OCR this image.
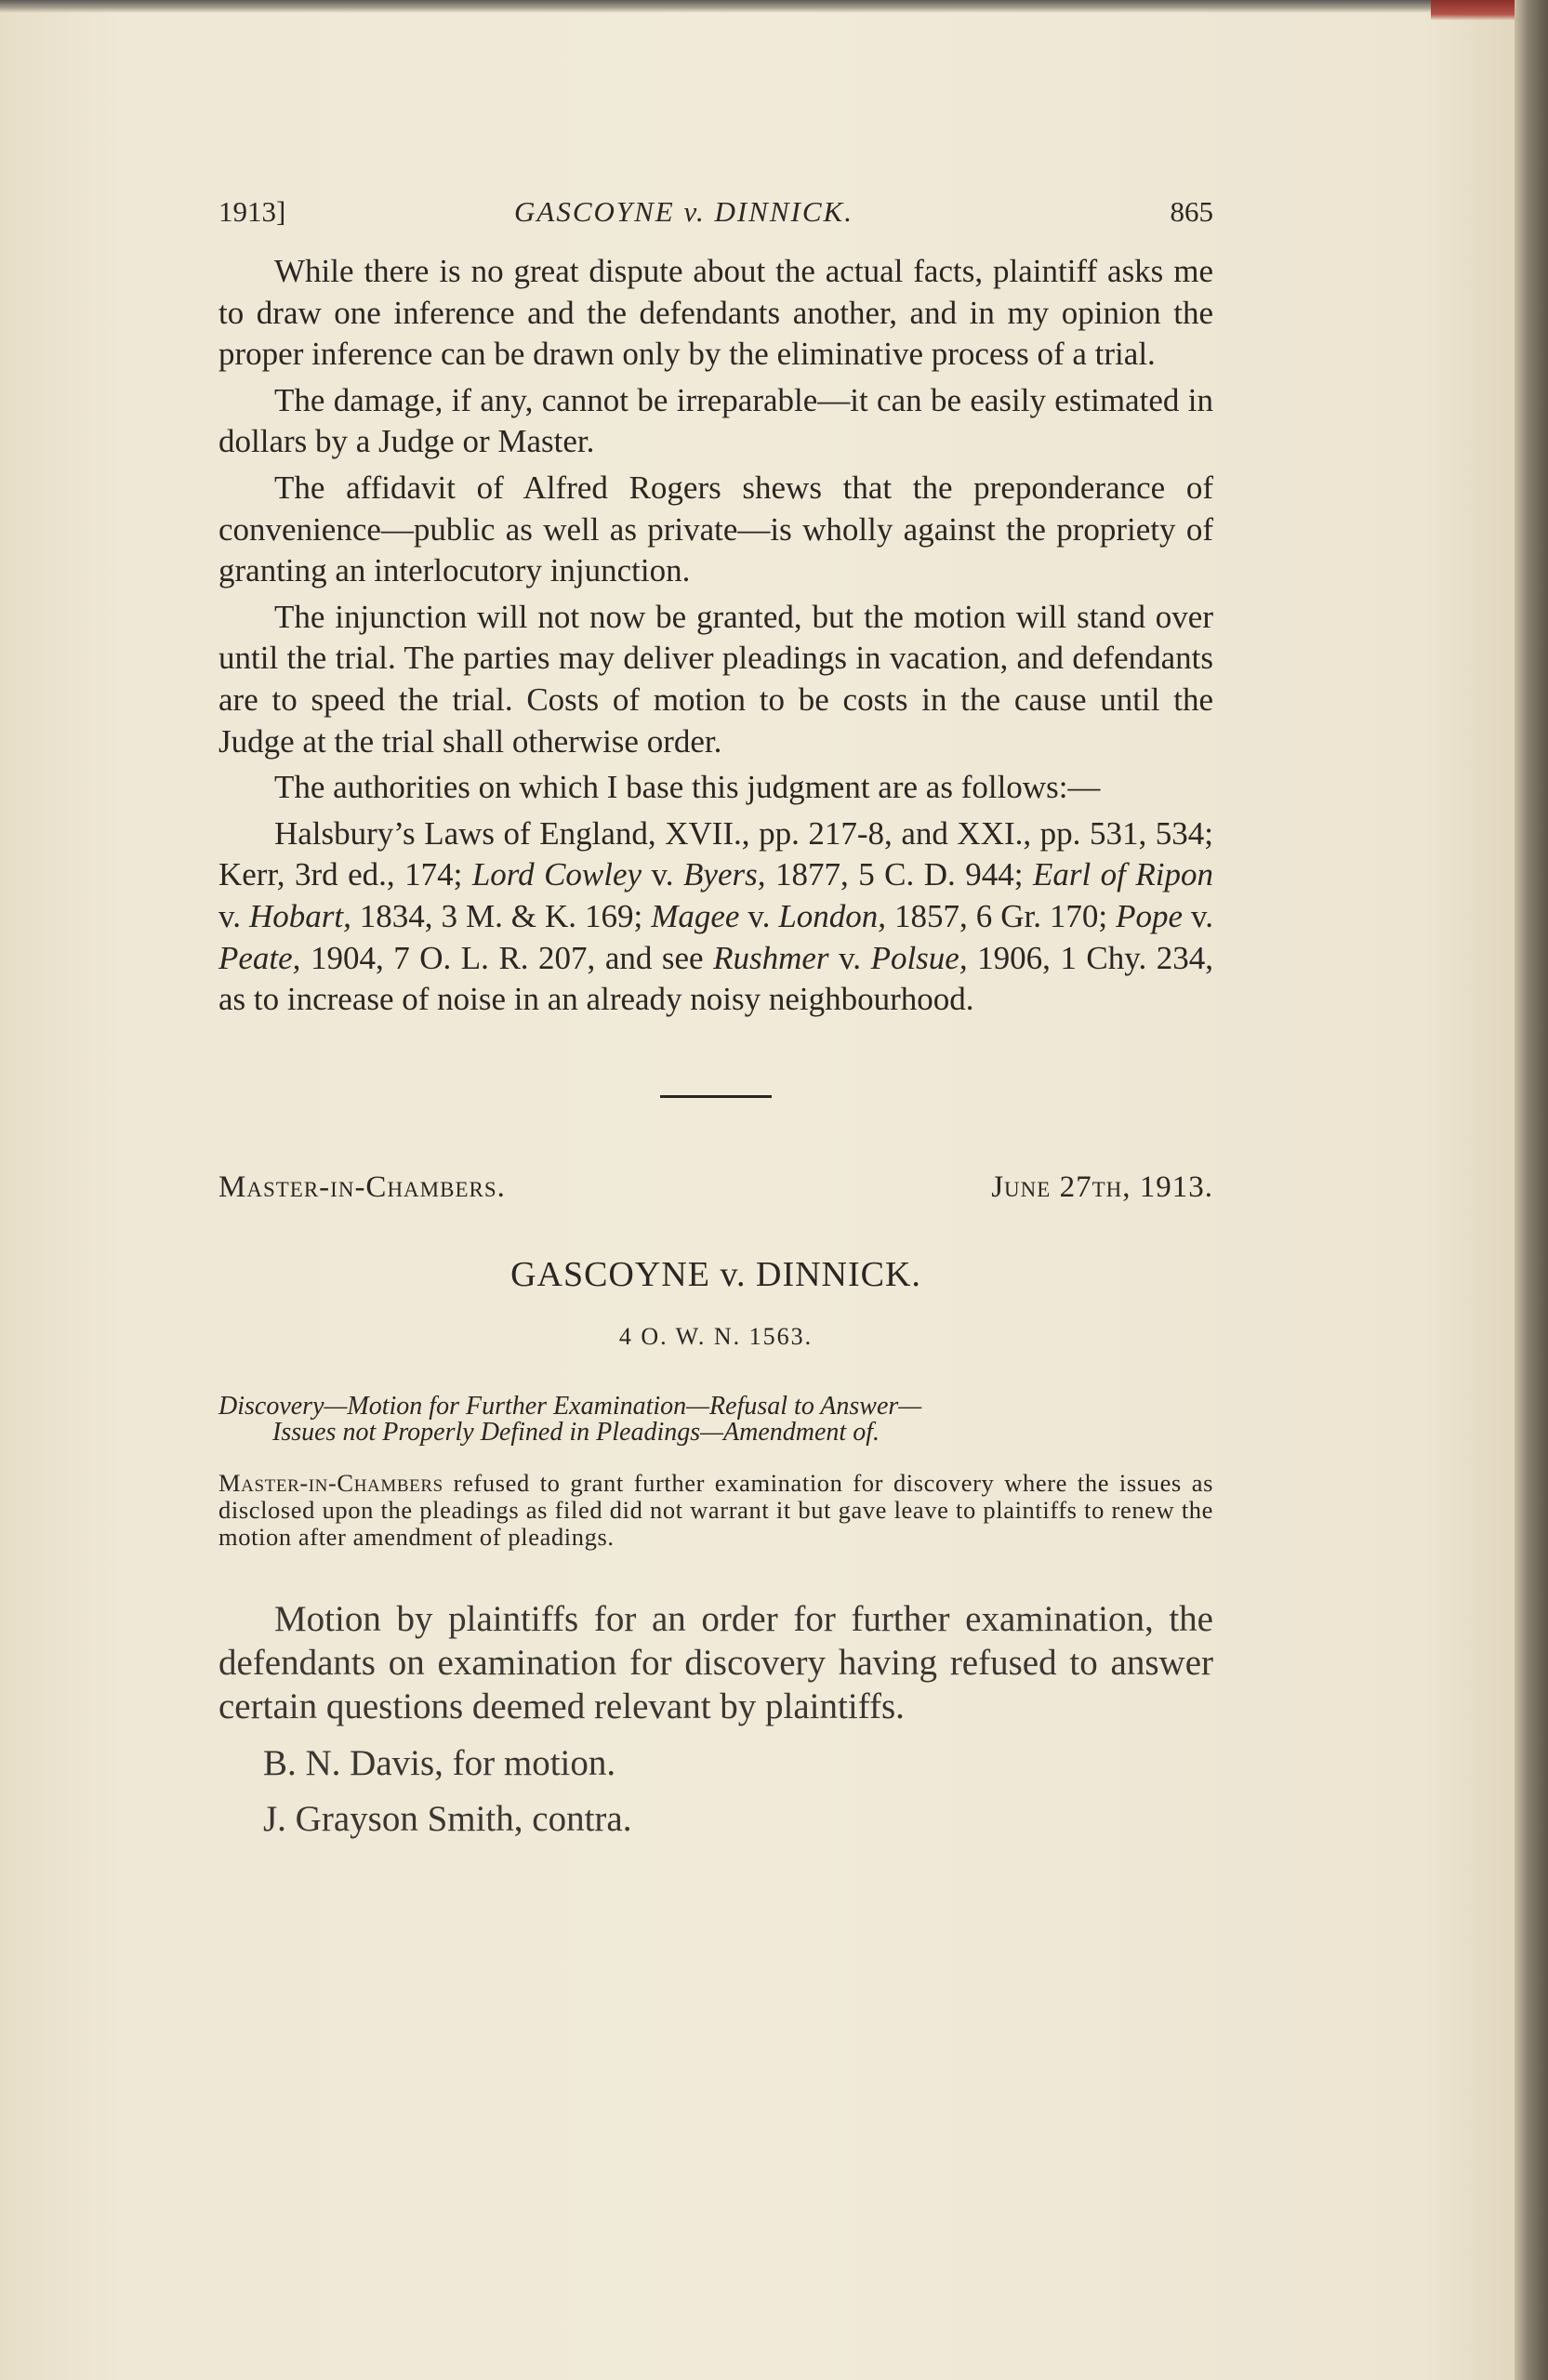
1913]	GASCOYNE v. DINNICK.	865

While there is no great dispute about the actual facts, plaintiff asks me to draw one inference and the defendants another, and in my opinion the proper inference can be drawn only by the eliminative process of a trial.

The damage, if any, cannot be irreparable—it can be easily estimated in dollars by a Judge or Master.

The affidavit of Alfred Rogers shews that the preponderance of convenience—public as well as private—is wholly against the propriety of granting an interlocutory injunction.

The injunction will not now be granted, but the motion will stand over until the trial. The parties may deliver pleadings in vacation, and defendants are to speed the trial. Costs of motion to be costs in the cause until the Judge at the trial shall otherwise order.

The authorities on which I base this judgment are as follows:—

Halsbury’s Laws of England, XVII., pp. 217-8, and XXI., pp. 531, 534; Kerr, 3rd ed., 174; Lord Cowley v. Byers, 1877, 5 C. D. 944; Earl of Ripon v. Hobart, 1834, 3 M. & K. 169; Magee v. London, 1857, 6 Gr. 170; Pope v. Peate, 1904, 7 O. L. R. 207, and see Rushmer v. Polsue, 1906, 1 Chy. 234, as to increase of noise in an already noisy neighbourhood.

Master-in-Chambers.	June 27th, 1913.
GASCOYNE v. DINNICK.
4 O. W. N. 1563.
Discovery—Motion for Further Examination—Refusal to Answer—
Issues not Properly Defined in Pleadings—Amendment of.
Master-in-Chambers refused to grant further examination for discovery where the issues as disclosed upon the pleadings as filed did not warrant it but gave leave to plaintiffs to renew the motion after amendment of pleadings.

Motion by plaintiffs for an order for further examination, the defendants on examination for discovery having refused to answer certain questions deemed relevant by plaintiffs.

B. N. Davis, for motion.

J. Grayson Smith, contra.
